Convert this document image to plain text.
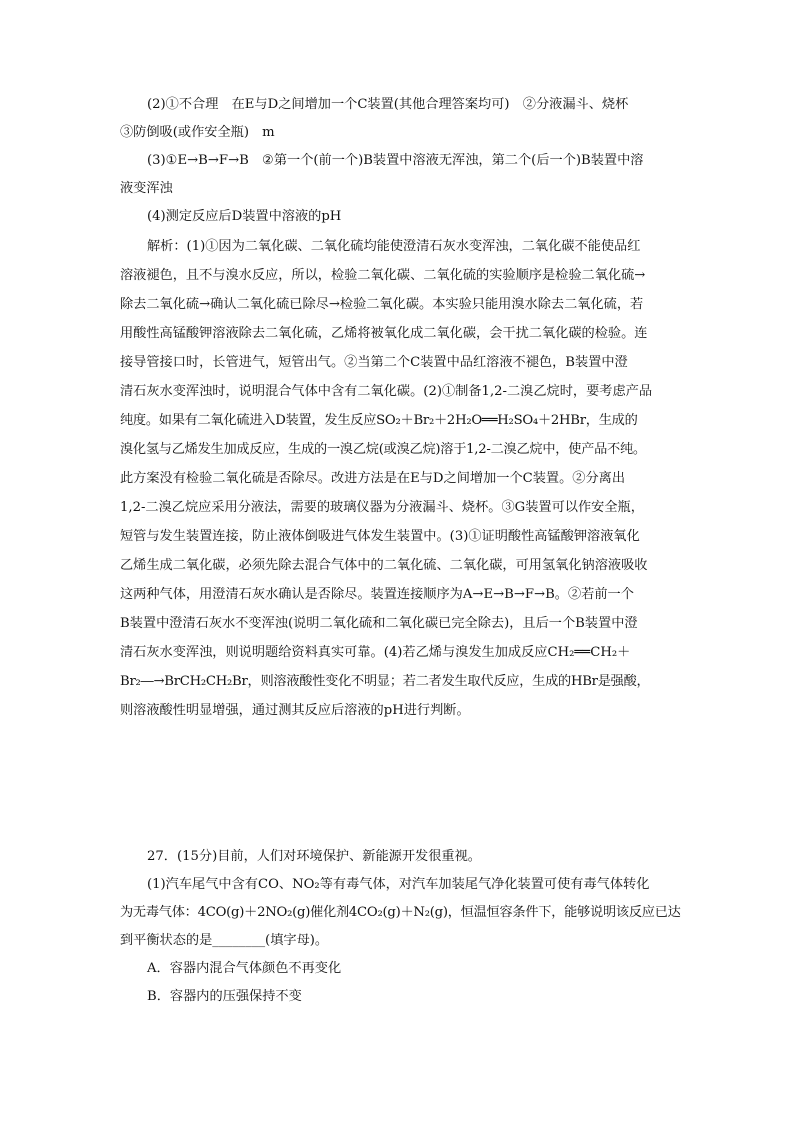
(2)①不合理　在E与D之间增加一个C装置(其他合理答案均可)　②分液漏斗、烧杯
③防倒吸(或作安全瓶)　m
(3)①E→B→F→B　②第一个(前一个)B装置中溶液无浑浊，第二个(后一个)B装置中溶
液变浑浊
(4)测定反应后D装置中溶液的pH
解析：(1)①因为二氧化碳、二氧化硫均能使澄清石灰水变浑浊，二氧化碳不能使品红
溶液褪色，且不与溴水反应，所以，检验二氧化碳、二氧化硫的实验顺序是检验二氧化硫→
除去二氧化硫→确认二氧化硫已除尽→检验二氧化碳。本实验只能用溴水除去二氧化硫，若
用酸性高锰酸钾溶液除去二氧化硫，乙烯将被氧化成二氧化碳，会干扰二氧化碳的检验。连
接导管接口时，长管进气，短管出气。②当第二个C装置中品红溶液不褪色，B装置中澄
清石灰水变浑浊时，说明混合气体中含有二氧化碳。(2)①制备1,2-二溴乙烷时，要考虑产品
纯度。如果有二氧化硫进入D装置，发生反应SO₂＋Br₂＋2H₂O══H₂SO₄＋2HBr，生成的
溴化氢与乙烯发生加成反应，生成的一溴乙烷(或溴乙烷)溶于1,2-二溴乙烷中，使产品不纯。
此方案没有检验二氧化硫是否除尽。改进方法是在E与D之间增加一个C装置。②分离出
1,2-二溴乙烷应采用分液法，需要的玻璃仪器为分液漏斗、烧杯。③G装置可以作安全瓶，
短管与发生装置连接，防止液体倒吸进气体发生装置中。(3)①证明酸性高锰酸钾溶液氧化
乙烯生成二氧化碳，必须先除去混合气体中的二氧化硫、二氧化碳，可用氢氧化钠溶液吸收
这两种气体，用澄清石灰水确认是否除尽。装置连接顺序为A→E→B→F→B。②若前一个
B装置中澄清石灰水不变浑浊(说明二氧化硫和二氧化碳已完全除去)，且后一个B装置中澄
清石灰水变浑浊，则说明题给资料真实可靠。(4)若乙烯与溴发生加成反应CH₂══CH₂＋
Br₂―→BrCH₂CH₂Br，则溶液酸性变化不明显；若二者发生取代反应，生成的HBr是强酸，
则溶液酸性明显增强，通过测其反应后溶液的pH进行判断。
27．(15分)目前，人们对环境保护、新能源开发很重视。
(1)汽车尾气中含有CO、NO₂等有毒气体，对汽车加装尾气净化装置可使有毒气体转化
为无毒气体：4CO(g)＋2NO₂(g)催化剂4CO₂(g)＋N₂(g)，恒温恒容条件下，能够说明该反应已达
到平衡状态的是________(填字母)。
A．容器内混合气体颜色不再变化
B．容器内的压强保持不变
